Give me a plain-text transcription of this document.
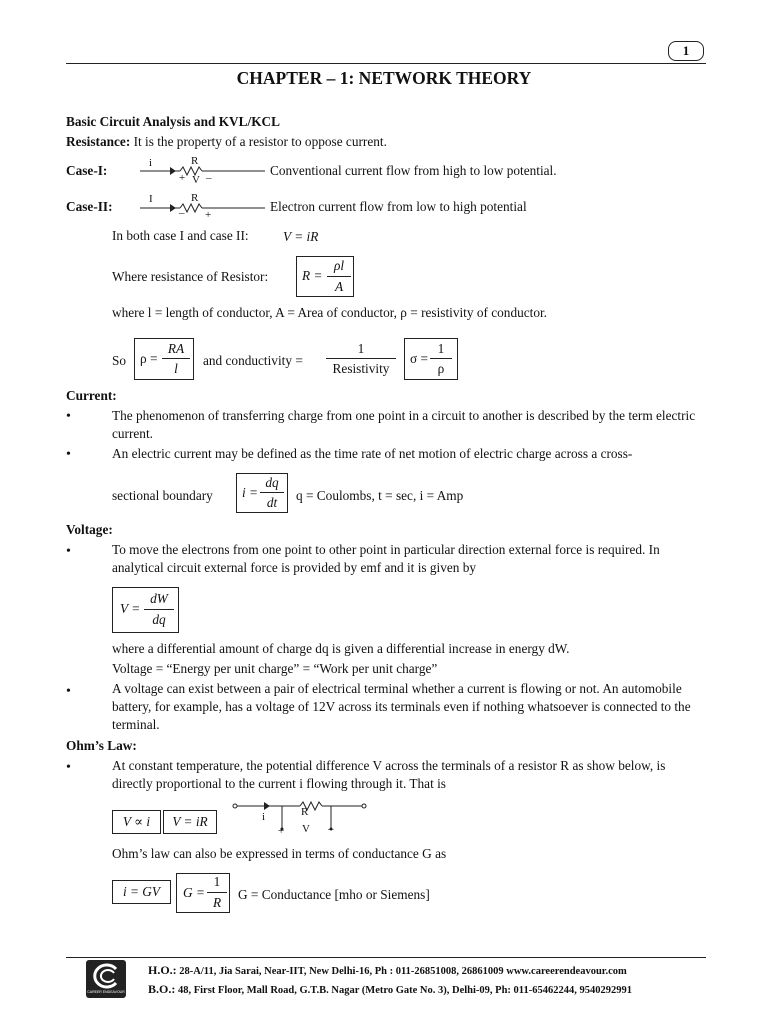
1
CHAPTER – 1: NETWORK THEORY
Basic Circuit Analysis and KVL/KCL
Resistance: It is the property of a resistor to oppose current.
Case-I:	i	R
+ V –	Conventional current flow from high to low potential.
Case-II:	I	R
– +
Electron current flow from low to high potential
In both case I and case II:	V = iR
Where resistance of Resistor:	R =
ρl
A
where l = length of conductor, A = Area of conductor, ρ = resistivity of conductor.
So ρ =
RA
l
and conductivity =
1
Resistivity
σ =
1
ρ
Current:
•	The phenomenon of transferring charge from one point in a circuit to another is described by the term electric current.
•	An electric current may be defined as the time rate of net motion of electric charge across a cross-
sectional boundary i =
dq
dt	q = Coulombs, t = sec, i = Amp
Voltage:
•	To move the electrons from one point to other point in particular direction external force is required. In analytical circuit external force is provided by emf and it is given by
V =
dW
dq
where a differential amount of charge dq is given a differential increase in energy dW.
Voltage = “Energy per unit charge” = “Work per unit charge”
•	A voltage can exist between a pair of electrical terminal whether a current is flowing or not. An automobile battery, for example, has a voltage of 12V across its terminals even if nothing whatsoever is connected to the terminal.
Ohm’s Law:
•	At constant temperature, the potential difference V across the terminals of a resistor R as show below, is directly proportional to the current i flowing through it. That is
V ∝ i	V = iR	i	R
+ V –
Ohm’s law can also be expressed in terms of conductance G as
i = GV	G =
1
R
G = Conductance [mho or Siemens]
CAREER ENDEAVOUR
H.O.: 28-A/11, Jia Sarai, Near-IIT, New Delhi-16, Ph : 011-26851008, 26861009 www.careerendeavour.com
B.O.: 48, First Floor, Mall Road, G.T.B. Nagar (Metro Gate No. 3), Delhi-09, Ph: 011-65462244, 9540292991
